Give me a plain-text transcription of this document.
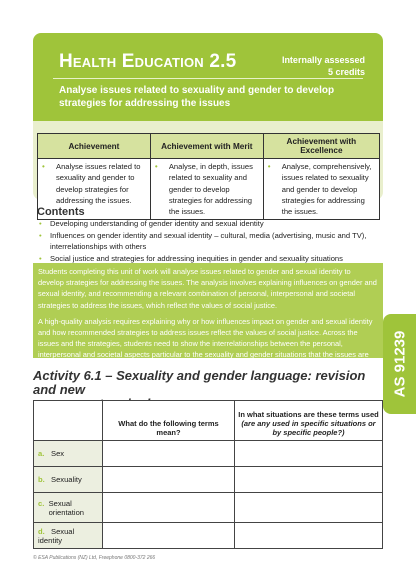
Health Education 2.5	Internally assessed
5 credits
Analyse issues related to sexuality and gender to develop strategies for addressing the issues
Achievement	Achievement with Merit	Achievement with Excellence

• Analyse issues related to sexuality and gender to develop strategies for addressing the issues.	• Analyse, in depth, issues related to sexuality and gender to develop strategies for addressing the issues.	• Analyse, comprehensively, issues related to sexuality and gender to develop strategies for addressing the issues.
Contents
• Developing understanding of gender identity and sexual identity
• Influences on gender identity and sexual identity – cultural, media (advertising, music and TV), interrelationships with others
• Social justice and strategies for addressing inequities in gender and sexuality situations

Students completing this unit of work will analyse issues related to gender and sexual identity to develop strategies for addressing the issues. The analysis involves explaining influences on gender and sexual identity, and recommending a relevant combination of personal, interpersonal and societal strategies to address the issues, which reflect the values of social justice.

A high-quality analysis requires explaining why or how influences impact on gender and sexual identity and how recommended strategies to address issues reflect the values of social justice. Across the issues and the strategies, students need to show the interrelationships between the personal, interpersonal and societal aspects particular to the sexuality and gender situations that the issues are based on.	AS 91239
Activity 6.1 – Sexuality and gender language: revision and new
	What do the following terms mean?	In what situations are these terms used
(are any used in specific situations or by specific people?)

a. Sex		
b. Sexuality		

c. Sexual orientation		

d. Sexual identity		
© ESA Publications (NZ) Ltd, Freephone 0800-372 266
